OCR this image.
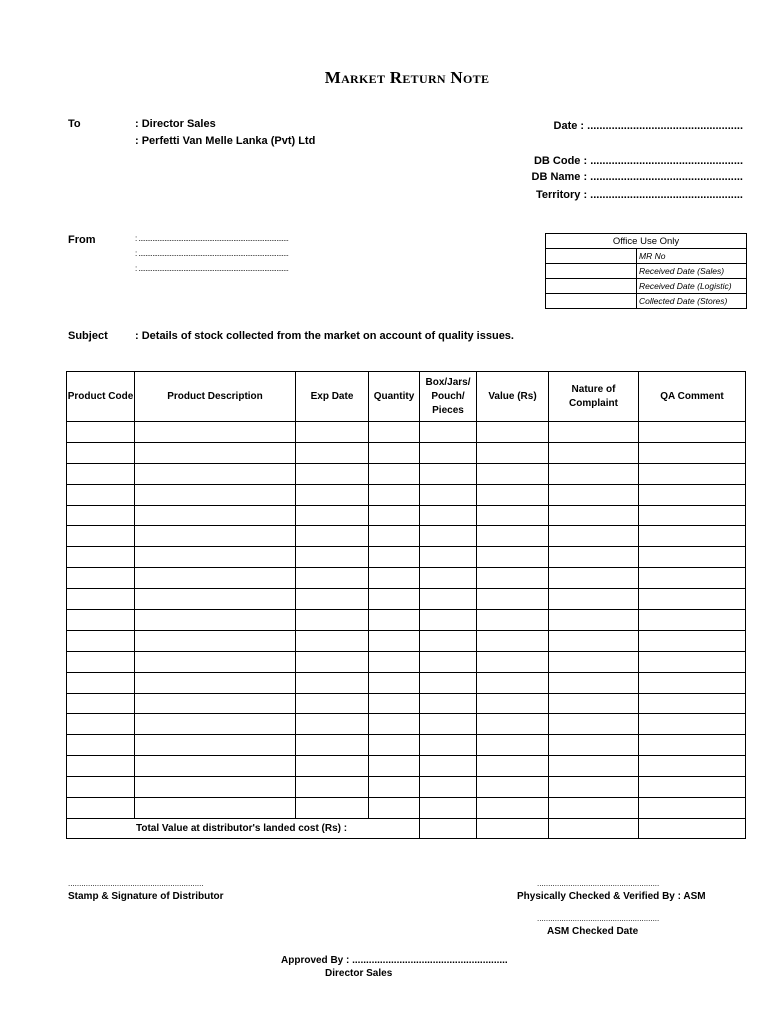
Market Return Note
To	: Director Sales
: Perfetti Van Melle Lanka (Pvt) Ltd
Date : ...................................................
DB Code : ..................................................
DB Name : ..................................................
Territory : ..................................................
From	: .......................................................................................
: .......................................................................................
: .......................................................................................
Office Use Only	
	MR No
	Received Date (Sales)
	Received Date (Logistic)
	Collected Date (Stores)
Subject : Details of stock collected from the market on account of quality issues.
Product Code	Product Description	Exp Date	Quantity	Box/Jars/ Pouch/ Pieces	Value (Rs)	Nature of Complaint	QA Comment

Total Value at distributor's landed cost (Rs) :							
.............................................................
Stamp & Signature of Distributor
.......................................................
Physically Checked & Verified By : ASM
.......................................................
ASM Checked Date
Approved By : ........................................................
Director Sales
